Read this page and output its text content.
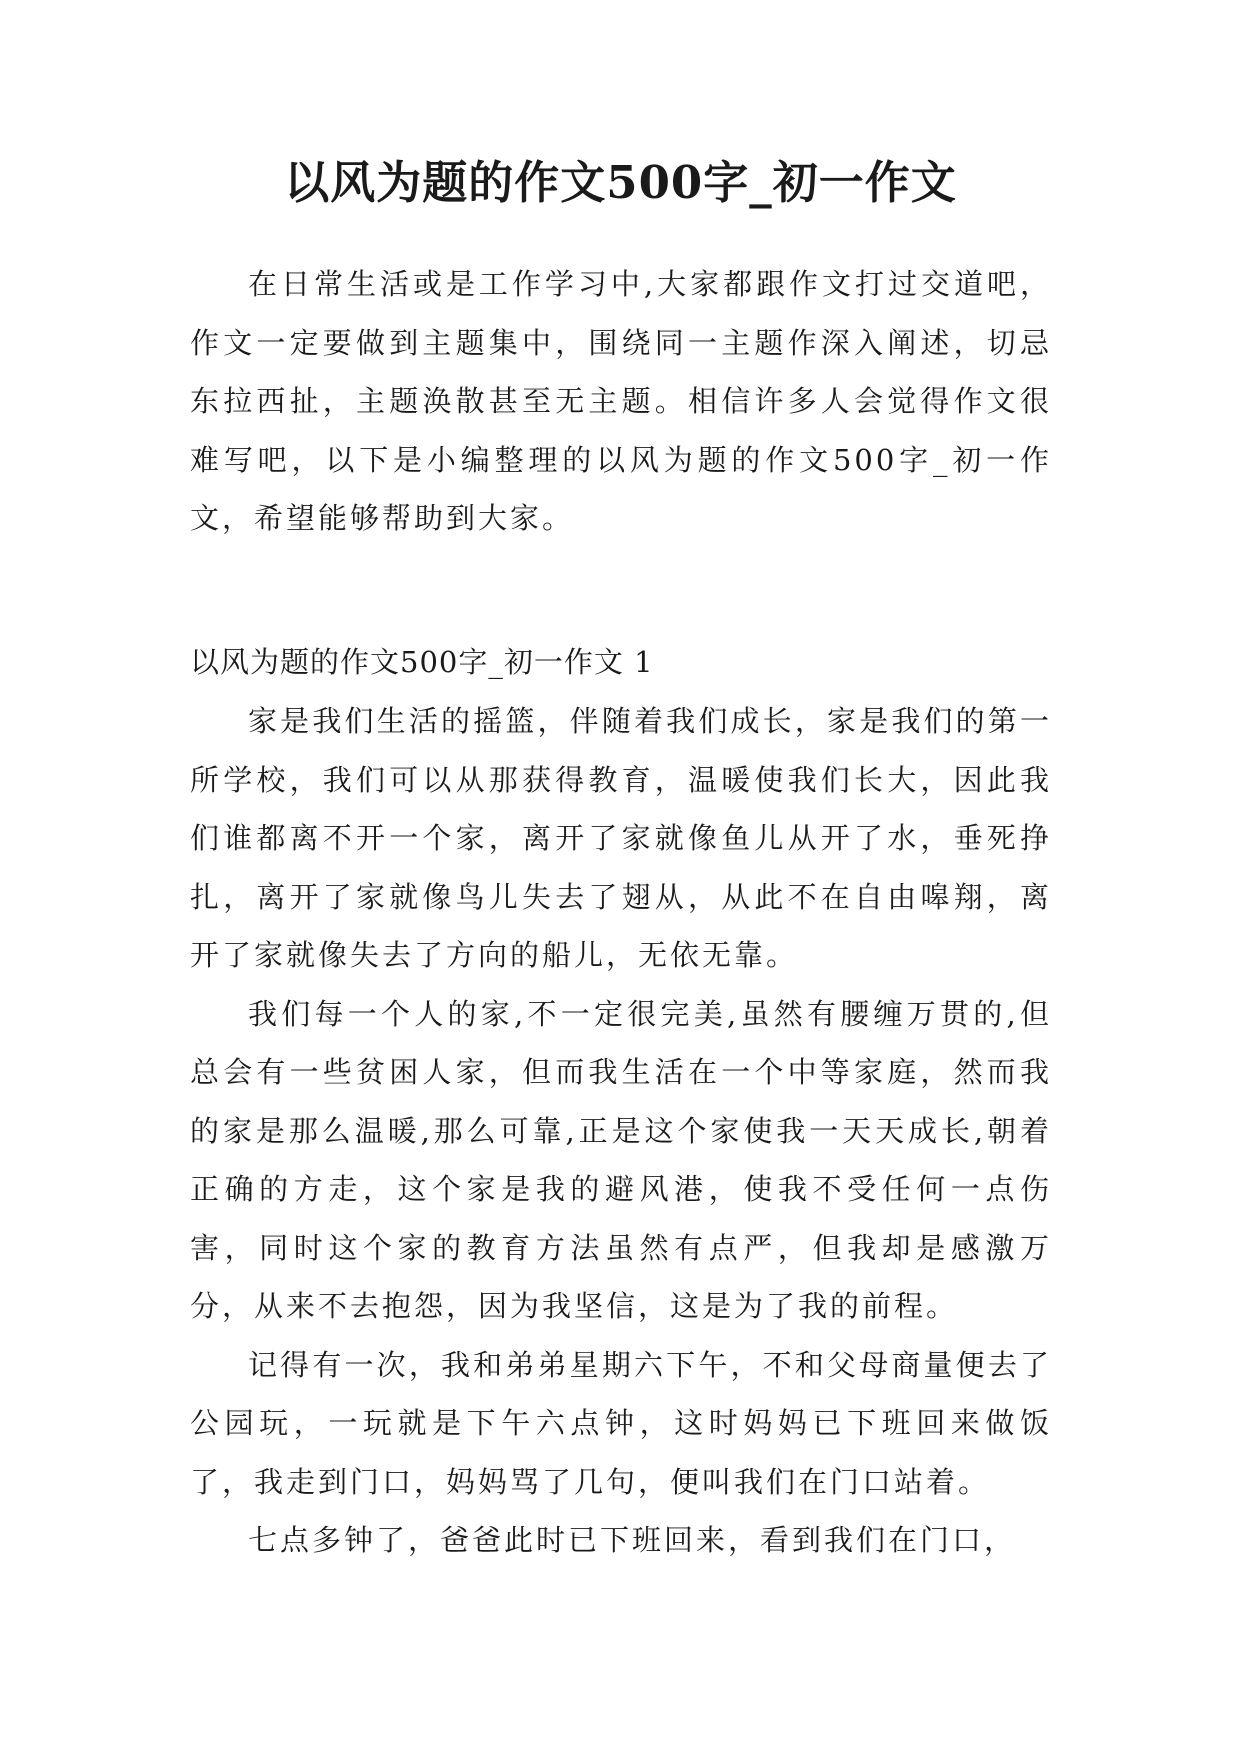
以风为题的作文500字_初一作文

在日常生活或是工作学习中,大家都跟作文打过交道吧，作文一定要做到主题集中，围绕同一主题作深入阐述，切忌东拉西扯，主题涣散甚至无主题。相信许多人会觉得作文很难写吧，以下是小编整理的以风为题的作文500字_初一作文，希望能够帮助到大家。

以风为题的作文500字_初一作文 1

家是我们生活的摇篮，伴随着我们成长，家是我们的第一所学校，我们可以从那获得教育，温暖使我们长大，因此我们谁都离不开一个家，离开了家就像鱼儿从开了水，垂死挣扎，离开了家就像鸟儿失去了翅从，从此不在自由嗥翔，离开了家就像失去了方向的船儿，无依无靠。

我们每一个人的家,不一定很完美,虽然有腰缠万贯的,但总会有一些贫困人家，但而我生活在一个中等家庭，然而我的家是那么温暖,那么可靠,正是这个家使我一天天成长,朝着正确的方走，这个家是我的避风港，使我不受任何一点伤害，同时这个家的教育方法虽然有点严，但我却是感激万分，从来不去抱怨，因为我坚信，这是为了我的前程。

记得有一次，我和弟弟星期六下午，不和父母商量便去了公园玩，一玩就是下午六点钟，这时妈妈已下班回来做饭了，我走到门口，妈妈骂了几句，便叫我们在门口站着。

七点多钟了，爸爸此时已下班回来，看到我们在门口，
